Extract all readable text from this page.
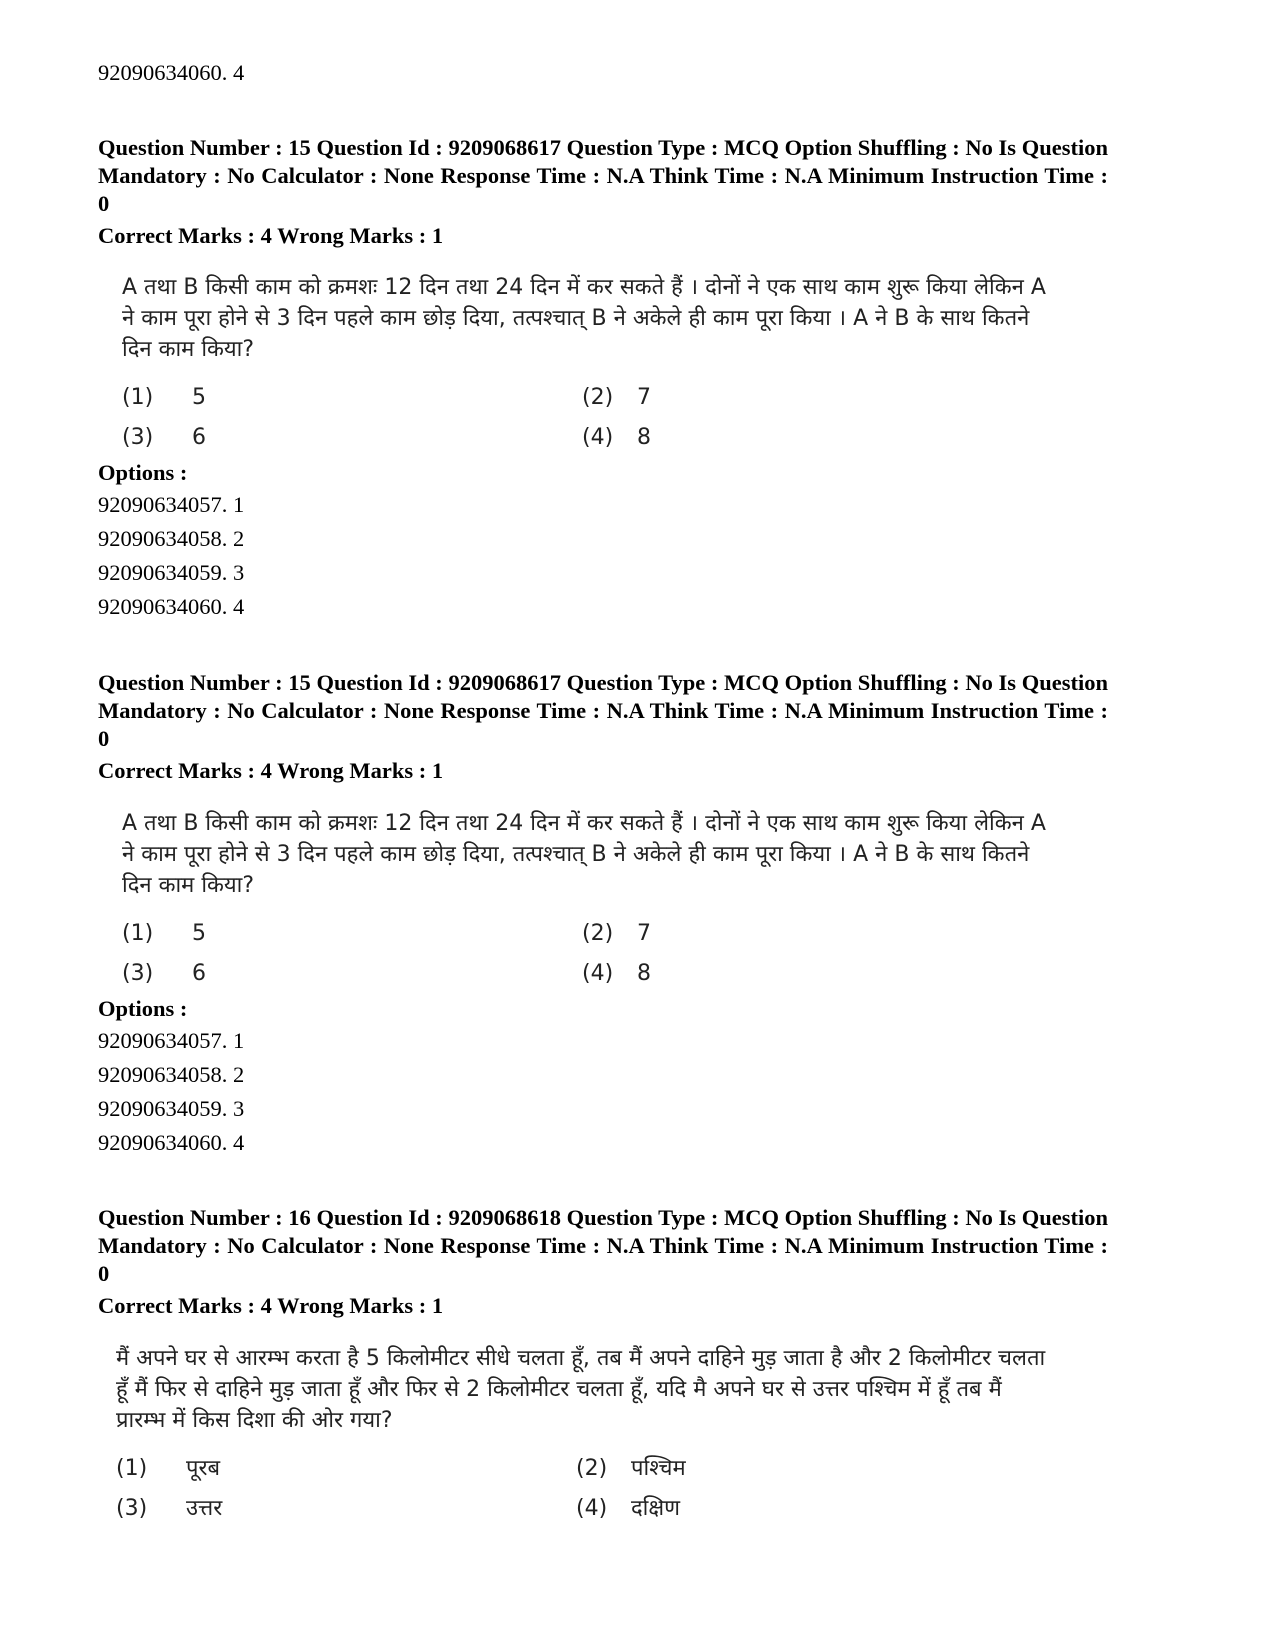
92090634060. 4

Question Number : 15 Question Id : 9209068617 Question Type : MCQ Option Shuffling : No Is Question Mandatory : No Calculator : None Response Time : N.A Think Time : N.A Minimum Instruction Time : 0

Correct Marks : 4 Wrong Marks : 1

A तथा B किसी काम को क्रमशः 12 दिन तथा 24 दिन में कर सकते हैं । दोनों ने एक साथ काम शुरू किया लेकिन A ने काम पूरा होने से 3 दिन पहले काम छोड़ दिया, तत्पश्चात् B ने अकेले ही काम पूरा किया । A ने B के साथ कितने दिन काम किया?

(1) 5	(2) 7
(3) 6	(4) 8
Options :
92090634057. 1
92090634058. 2
92090634059. 3
92090634060. 4

Question Number : 15 Question Id : 9209068617 Question Type : MCQ Option Shuffling : No Is Question Mandatory : No Calculator : None Response Time : N.A Think Time : N.A Minimum Instruction Time : 0

Correct Marks : 4 Wrong Marks : 1

A तथा B किसी काम को क्रमशः 12 दिन तथा 24 दिन में कर सकते हैं । दोनों ने एक साथ काम शुरू किया लेकिन A ने काम पूरा होने से 3 दिन पहले काम छोड़ दिया, तत्पश्चात् B ने अकेले ही काम पूरा किया । A ने B के साथ कितने दिन काम किया?

(1) 5	(2) 7
(3) 6	(4) 8
Options :
92090634057. 1
92090634058. 2
92090634059. 3
92090634060. 4

Question Number : 16 Question Id : 9209068618 Question Type : MCQ Option Shuffling : No Is Question Mandatory : No Calculator : None Response Time : N.A Think Time : N.A Minimum Instruction Time : 0

Correct Marks : 4 Wrong Marks : 1

मैं अपने घर से आरम्भ करता है 5 किलोमीटर सीधे चलता हूँ, तब मैं अपने दाहिने मुड़ जाता है और 2 किलोमीटर चलता हूँ मैं फिर से दाहिने मुड़ जाता हूँ और फिर से 2 किलोमीटर चलता हूँ, यदि मै अपने घर से उत्तर पश्चिम में हूँ तब मैं प्रारम्भ में किस दिशा की ओर गया?

(1) पूरब	(2) पश्चिम
(3) उत्तर	(4) दक्षिण
